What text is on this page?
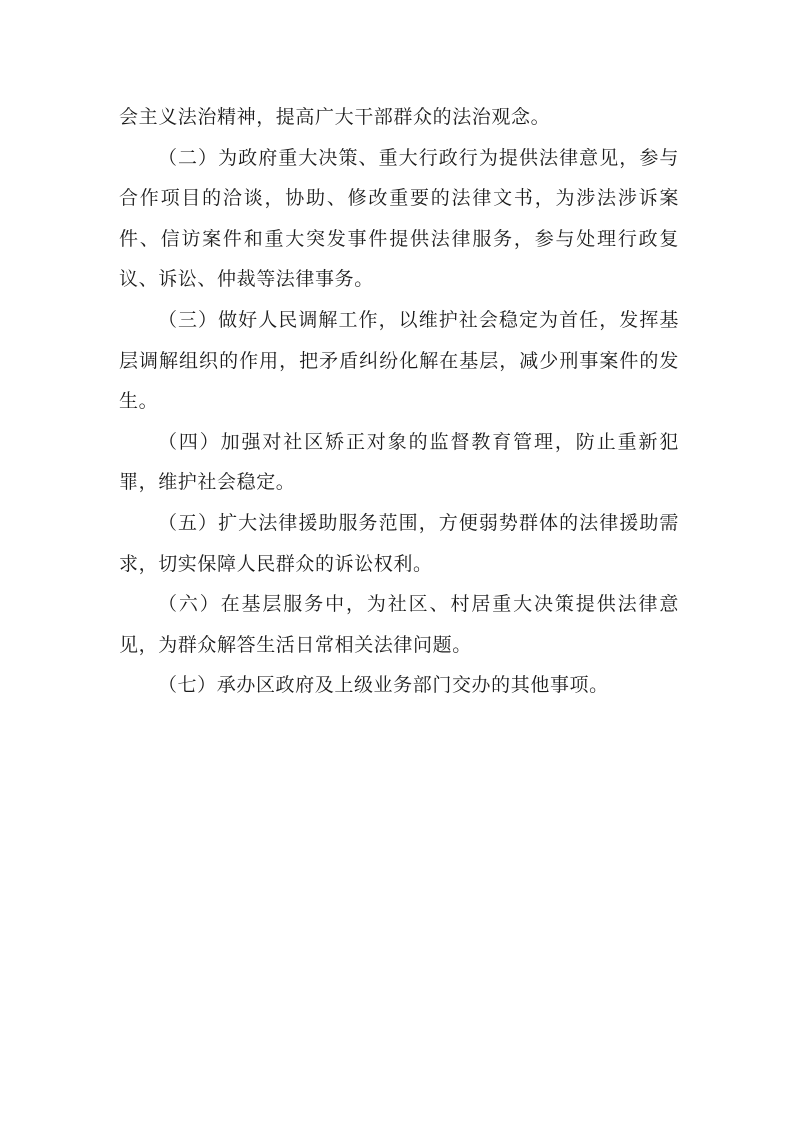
会主义法治精神，提高广大干部群众的法治观念。

（二）为政府重大决策、重大行政行为提供法律意见，参与合作项目的洽谈，协助、修改重要的法律文书，为涉法涉诉案件、信访案件和重大突发事件提供法律服务，参与处理行政复议、诉讼、仲裁等法律事务。

（三）做好人民调解工作，以维护社会稳定为首任，发挥基层调解组织的作用，把矛盾纠纷化解在基层，减少刑事案件的发生。

（四）加强对社区矫正对象的监督教育管理，防止重新犯罪，维护社会稳定。

（五）扩大法律援助服务范围，方便弱势群体的法律援助需求，切实保障人民群众的诉讼权利。

（六）在基层服务中，为社区、村居重大决策提供法律意见，为群众解答生活日常相关法律问题。

（七）承办区政府及上级业务部门交办的其他事项。
